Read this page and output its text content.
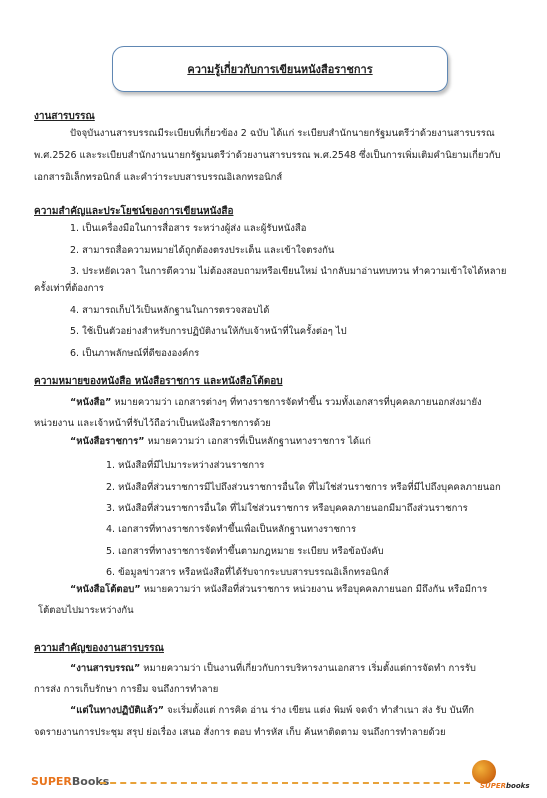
ความรู้เกี่ยวกับการเขียนหนังสือราชการ
งานสารบรรณ
ปัจจุบันงานสารบรรณมีระเบียบที่เกี่ยวข้อง 2 ฉบับ ได้แก่ ระเบียบสำนักนายกรัฐมนตรีว่าด้วยงานสารบรรณ
พ.ศ.2526 และระเบียบสำนักงานนายกรัฐมนตรีว่าด้วยงานสารบรรณ พ.ศ.2548 ซึ่งเป็นการเพิ่มเติมคำนิยามเกี่ยวกับ
เอกสารอิเล็กทรอนิกส์ และคำว่าระบบสารบรรณอิเลกทรอนิกส์
ความสำคัญและประโยชน์ของการเขียนหนังสือ
1. เป็นเครื่องมือในการสื่อสาร ระหว่างผู้ส่ง และผู้รับหนังสือ
2. สามารถสื่อความหมายได้ถูกต้องตรงประเด็น และเข้าใจตรงกัน
3. ประหยัดเวลา ในการตีความ ไม่ต้องสอบถามหรือเขียนใหม่ นำกลับมาอ่านทบทวน ทำความเข้าใจได้หลาย
ครั้งเท่าที่ต้องการ
4. สามารถเก็บไว้เป็นหลักฐานในการตรวจสอบได้
5. ใช้เป็นตัวอย่างสำหรับการปฏิบัติงานให้กับเจ้าหน้าที่ในครั้งต่อๆ ไป
6. เป็นภาพลักษณ์ที่ดีขององค์กร
ความหมายของหนังสือ หนังสือราชการ และหนังสือโต้ตอบ
“หนังสือ” หมายความว่า เอกสารต่างๆ ที่ทางราชการจัดทำขึ้น รวมทั้งเอกสารที่บุคคลภายนอกส่งมายัง
หน่วยงาน และเจ้าหน้าที่รับไว้ถือว่าเป็นหนังสือราชการด้วย
“หนังสือราชการ” หมายความว่า เอกสารที่เป็นหลักฐานทางราชการ ได้แก่
1. หนังสือที่มีไปมาระหว่างส่วนราชการ
2. หนังสือที่ส่วนราชการมีไปถึงส่วนราชการอื่นใด ที่ไม่ใช่ส่วนราชการ หรือที่มีไปถึงบุคคลภายนอก
3. หนังสือที่ส่วนราชการอื่นใด ที่ไม่ใช่ส่วนราชการ หรือบุคคลภายนอกมีมาถึงส่วนราชการ
4. เอกสารที่ทางราชการจัดทำขึ้นเพื่อเป็นหลักฐานทางราชการ
5. เอกสารที่ทางราชการจัดทำขึ้นตามกฎหมาย ระเบียบ หรือข้อบังคับ
6. ข้อมูลข่าวสาร หรือหนังสือที่ได้รับจากระบบสารบรรณอิเล็กทรอนิกส์
“หนังสือโต้ตอบ” หมายความว่า หนังสือที่ส่วนราชการ หน่วยงาน หรือบุคคลภายนอก มีถึงกัน หรือมีการ
โต้ตอบไปมาระหว่างกัน
ความสำคัญของงานสารบรรณ
“งานสารบรรณ” หมายความว่า เป็นงานที่เกี่ยวกับการบริหารงานเอกสาร เริ่มตั้งแต่การจัดทำ การรับ
การส่ง การเก็บรักษา การยืม จนถึงการทำลาย
“แต่ในทางปฏิบัติแล้ว” จะเริ่มตั้งแต่ การคิด อ่าน ร่าง เขียน แต่ง พิมพ์ จดจำ ทำสำเนา ส่ง รับ บันทึก
จดรายงานการประชุม สรุป ย่อเรื่อง เสนอ สั่งการ ตอบ ทำรหัส เก็บ ค้นหาติดตาม จนถึงการทำลายด้วย
SUPERBooks	SUPERbooks
